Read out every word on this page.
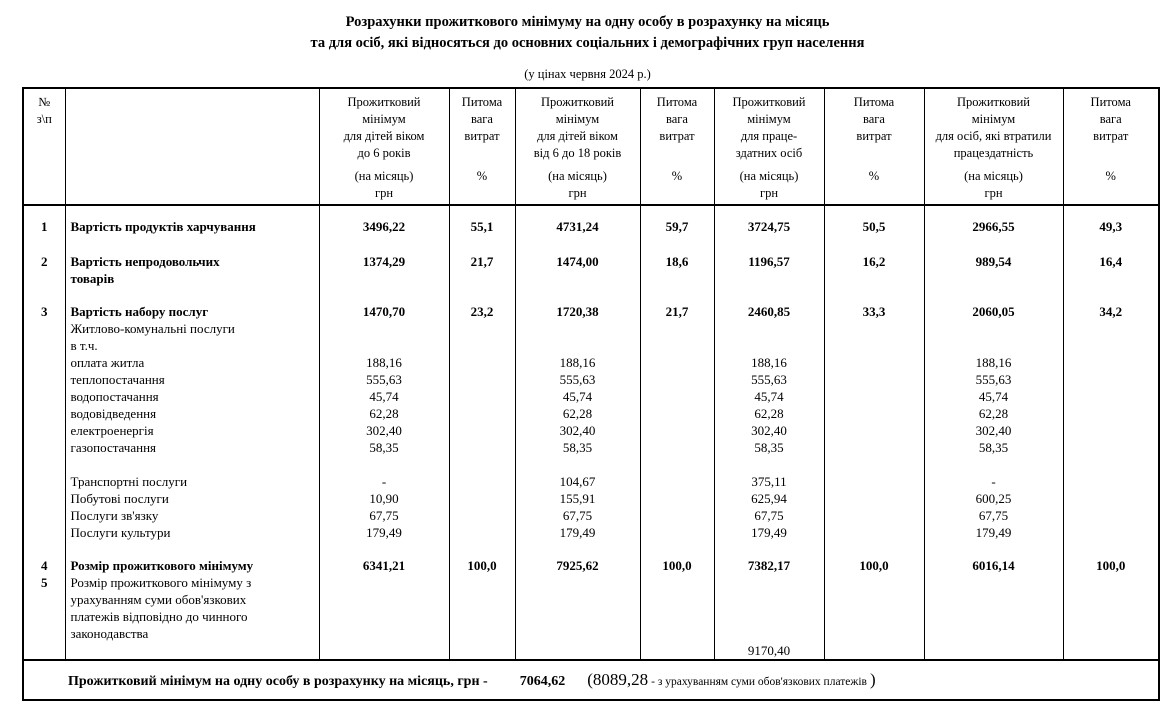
Розрахунки прожиткового мінімуму на одну особу в розрахунку на місяць
та для осіб, які відносяться до основних соціальних і демографічних груп населення
(у цінах червня 2024 р.)
№
з\п

Прожитковий
мінімум
для дітей віком
до 6 років
(на місяць)
грн

Питома
вага
витрат
%

Прожитковий
мінімум
для дітей віком
від 6 до 18 років
(на місяць)
грн

Питома
вага
витрат
%

Прожитковий
мінімум
для праце-
здатних осіб
(на місяць)
грн

Питома
вага
витрат
%

Прожитковий
мінімум
для осіб, які втратили
працездатність
(на місяць)
грн

Питома
вага
витрат
%

1	Вартість продуктів харчування	3496,22	55,1	4731,24	59,7	3724,75	50,5	2966,55	49,3
2	Вартість непродовольчих	1374,29	21,7	1474,00	18,6	1196,57	16,2	989,54	16,4
	товарів								
3	Вартість набору послуг	1470,70	23,2	1720,38	21,7	2460,85	33,3	2060,05	34,2
	Житлово-комунальні послуги								
	в т.ч.								
	оплата житла	188,16		188,16		188,16		188,16	
	теплопостачання	555,63		555,63		555,63		555,63	
	водопостачання	45,74		45,74		45,74		45,74	
	водовідведення	62,28		62,28		62,28		62,28	
	електроенергія	302,40		302,40		302,40		302,40	
	газопостачання	58,35		58,35		58,35		58,35	

	Транспортні послуги	-		104,67		375,11		-	
	Побутові послуги	10,90		155,91		625,94		600,25	
	Послуги зв'язку	67,75		67,75		67,75		67,75	
	Послуги культури	179,49		179,49		179,49		179,49	
4	Розмір прожиткового мінімуму	6341,21	100,0	7925,62	100,0	7382,17	100,0	6016,14	100,0
5	Розмір прожиткового мінімуму з								
	урахуванням суми обов'язкових								
	платежів відповідно до чинного								
	законодавства								
						9170,40			

Прожитковий мінімум на одну особу в розрахунку на місяць, грн - 7064,62 (8089,28 - з урахуванням суми обов'язкових платежів )									
